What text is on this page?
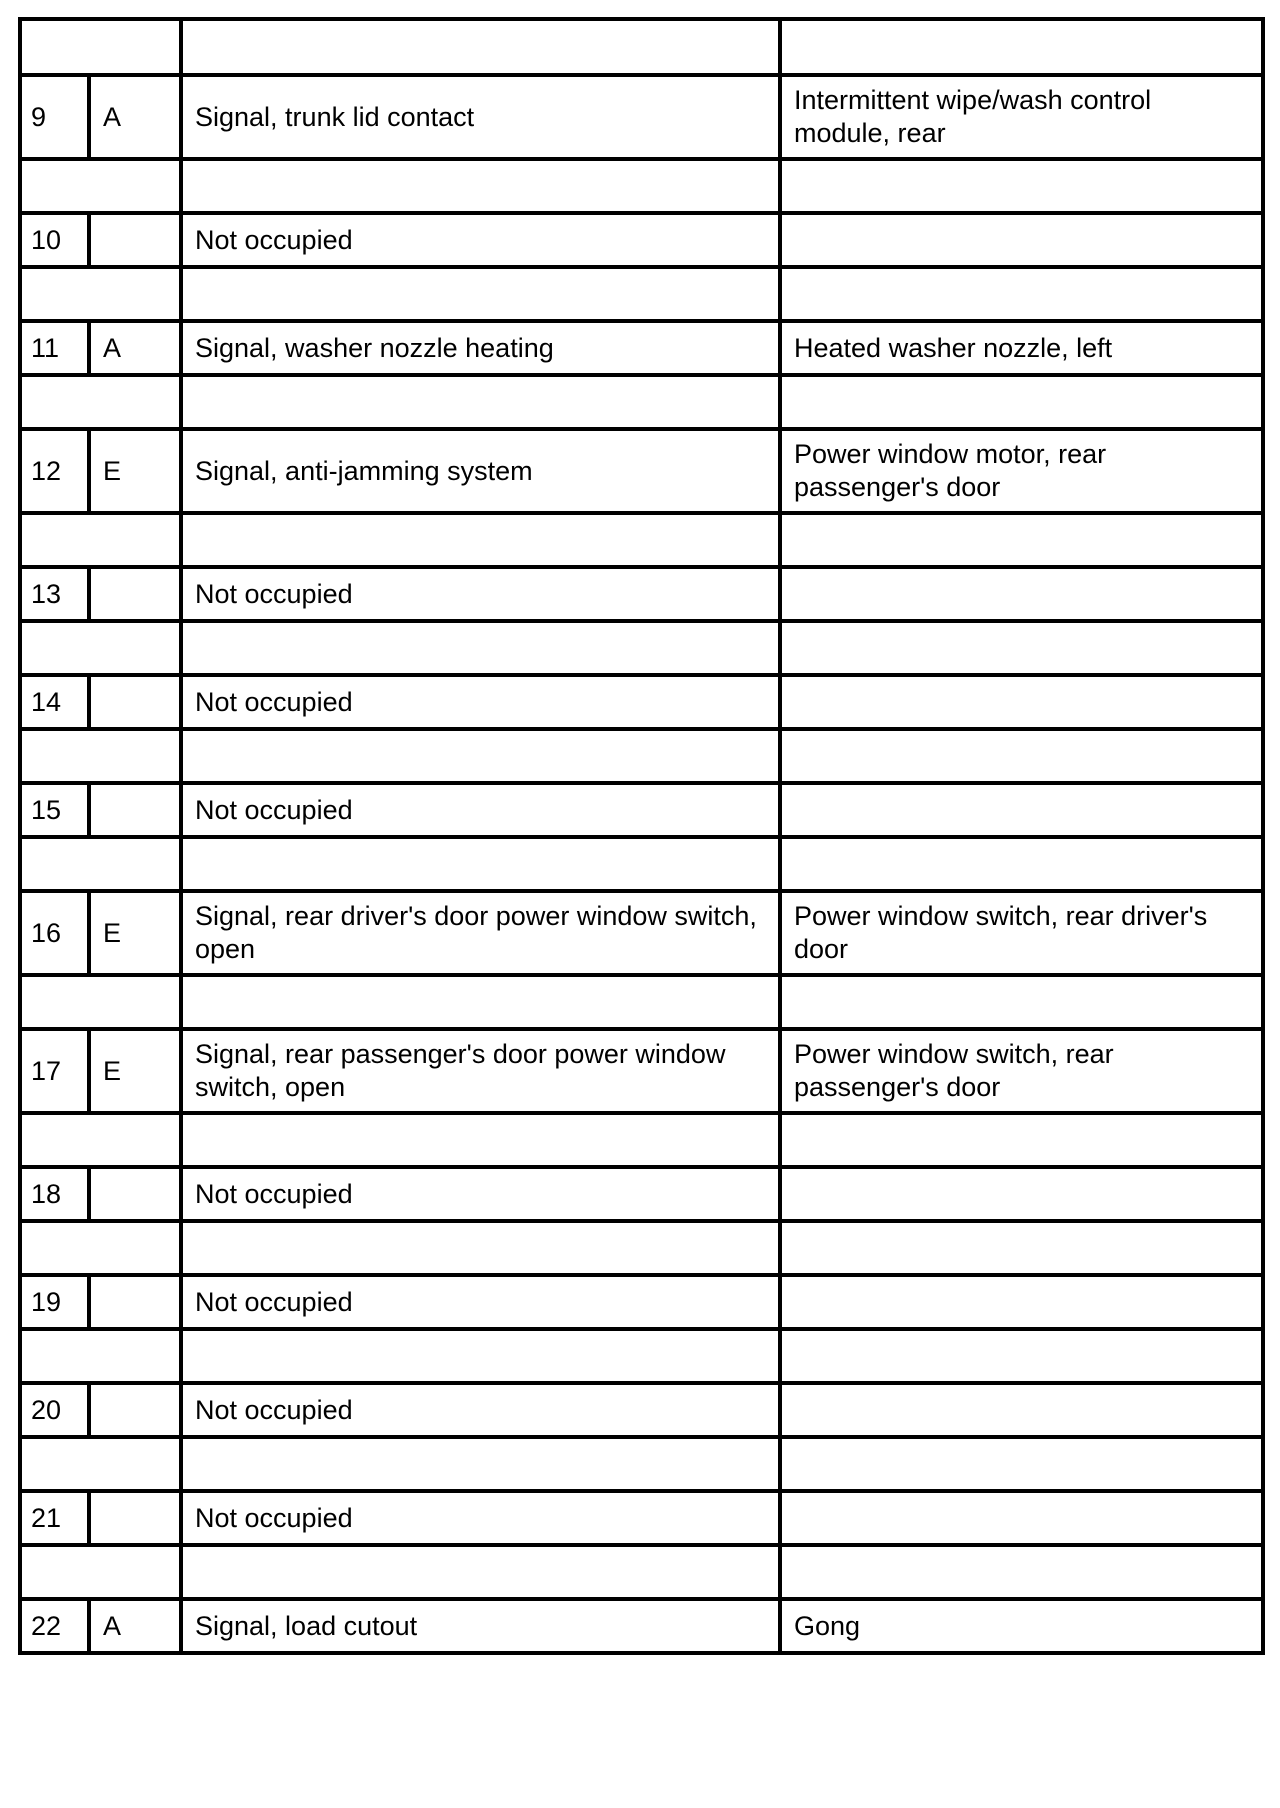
9	A	Signal, trunk lid contact	Intermittent wipe/wash control module, rear

10		Not occupied	

11	A	Signal, washer nozzle heating	Heated washer nozzle, left

12	E	Signal, anti-jamming system	Power window motor, rear passenger's door

13		Not occupied	

14		Not occupied	

15		Not occupied	

16	E	Signal, rear driver's door power window switch, open	Power window switch, rear driver's door

17	E	Signal, rear passenger's door power window switch, open	Power window switch, rear passenger's door

18		Not occupied	

19		Not occupied	

20		Not occupied	

21		Not occupied	

22	A	Signal, load cutout	Gong
